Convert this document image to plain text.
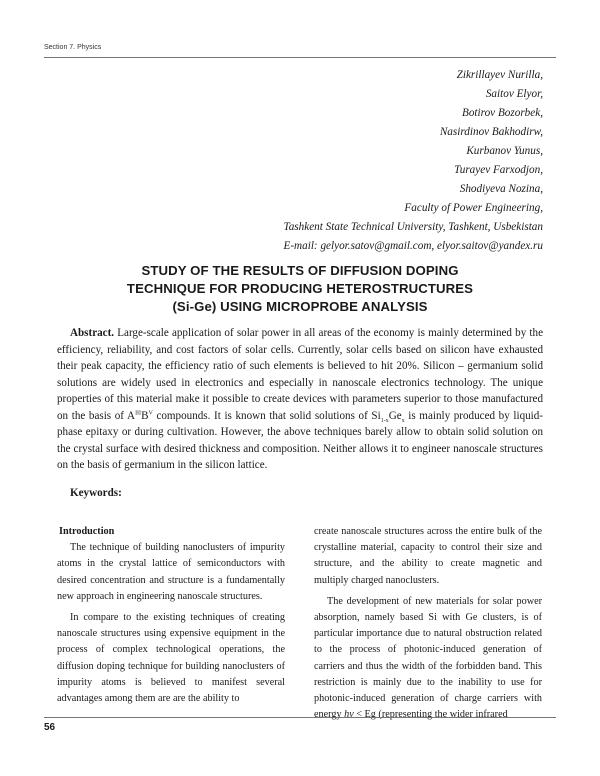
Section 7. Physics
Zikrillayev Nurilla,
Saitov Elyor,
Botirov Bozorbek,
Nasirdinov Bakhodirw,
Kurbanov Yunus,
Turayev Farxodjon,
Shodiyeva Nozina,
Faculty of Power Engineering,
Tashkent State Technical University, Tashkent, Usbekistan
E-mail: gelyor.satov@gmail.com, elyor.saitov@yandex.ru
STUDY OF THE RESULTS OF DIFFUSION DOPING
TECHNIQUE FOR PRODUCING HETEROSTRUCTURES
(Si-Ge) USING MICROPROBE ANALYSIS

Abstract. Large-scale application of solar power in all areas of the economy is mainly determined by the efficiency, reliability, and cost factors of solar cells. Currently, solar cells based on silicon have exhausted their peak capacity, the efficiency ratio of such elements is believed to hit 20%. Silicon – germanium solid solutions are widely used in electronics and especially in nanoscale electronics technology. The unique properties of this material make it possible to create devices with parameters superior to those manufactured on the basis of $A^{III}B^V$ compounds. It is known that solid solutions of $Si_{1-x}Ge_x$ is mainly produced by liquid-phase epitaxy or during cultivation. However, the above techniques barely allow to obtain solid solution on the crystal surface with desired thickness and composition. Neither allows it to engineer nanoscale structures on the basis of germanium in the silicon lattice.

Keywords:

Introduction

The technique of building nanoclusters of impurity atoms in the crystal lattice of semiconductors with desired concentration and structure is a fundamentally new approach in engineering nanoscale structures.

In compare to the existing techniques of creating nanoscale structures using expensive equipment in the process of complex technological operations, the diffusion doping technique for building nanoclusters of impurity atoms is believed to manifest several advantages among them are are the ability to

create nanoscale structures across the entire bulk of the crystalline material, capacity to control their size and structure, and the ability to create magnetic and multiply charged nanoclusters.

The development of new materials for solar power absorption, namely based Si with Ge clusters, is of particular importance due to natural obstruction related to the process of photonic-induced generation of carriers and thus the width of the forbidden band. This restriction is mainly due to the inability to use for photonic-induced generation of charge carriers with energy hv < Eg (representing the wider infrared

56
